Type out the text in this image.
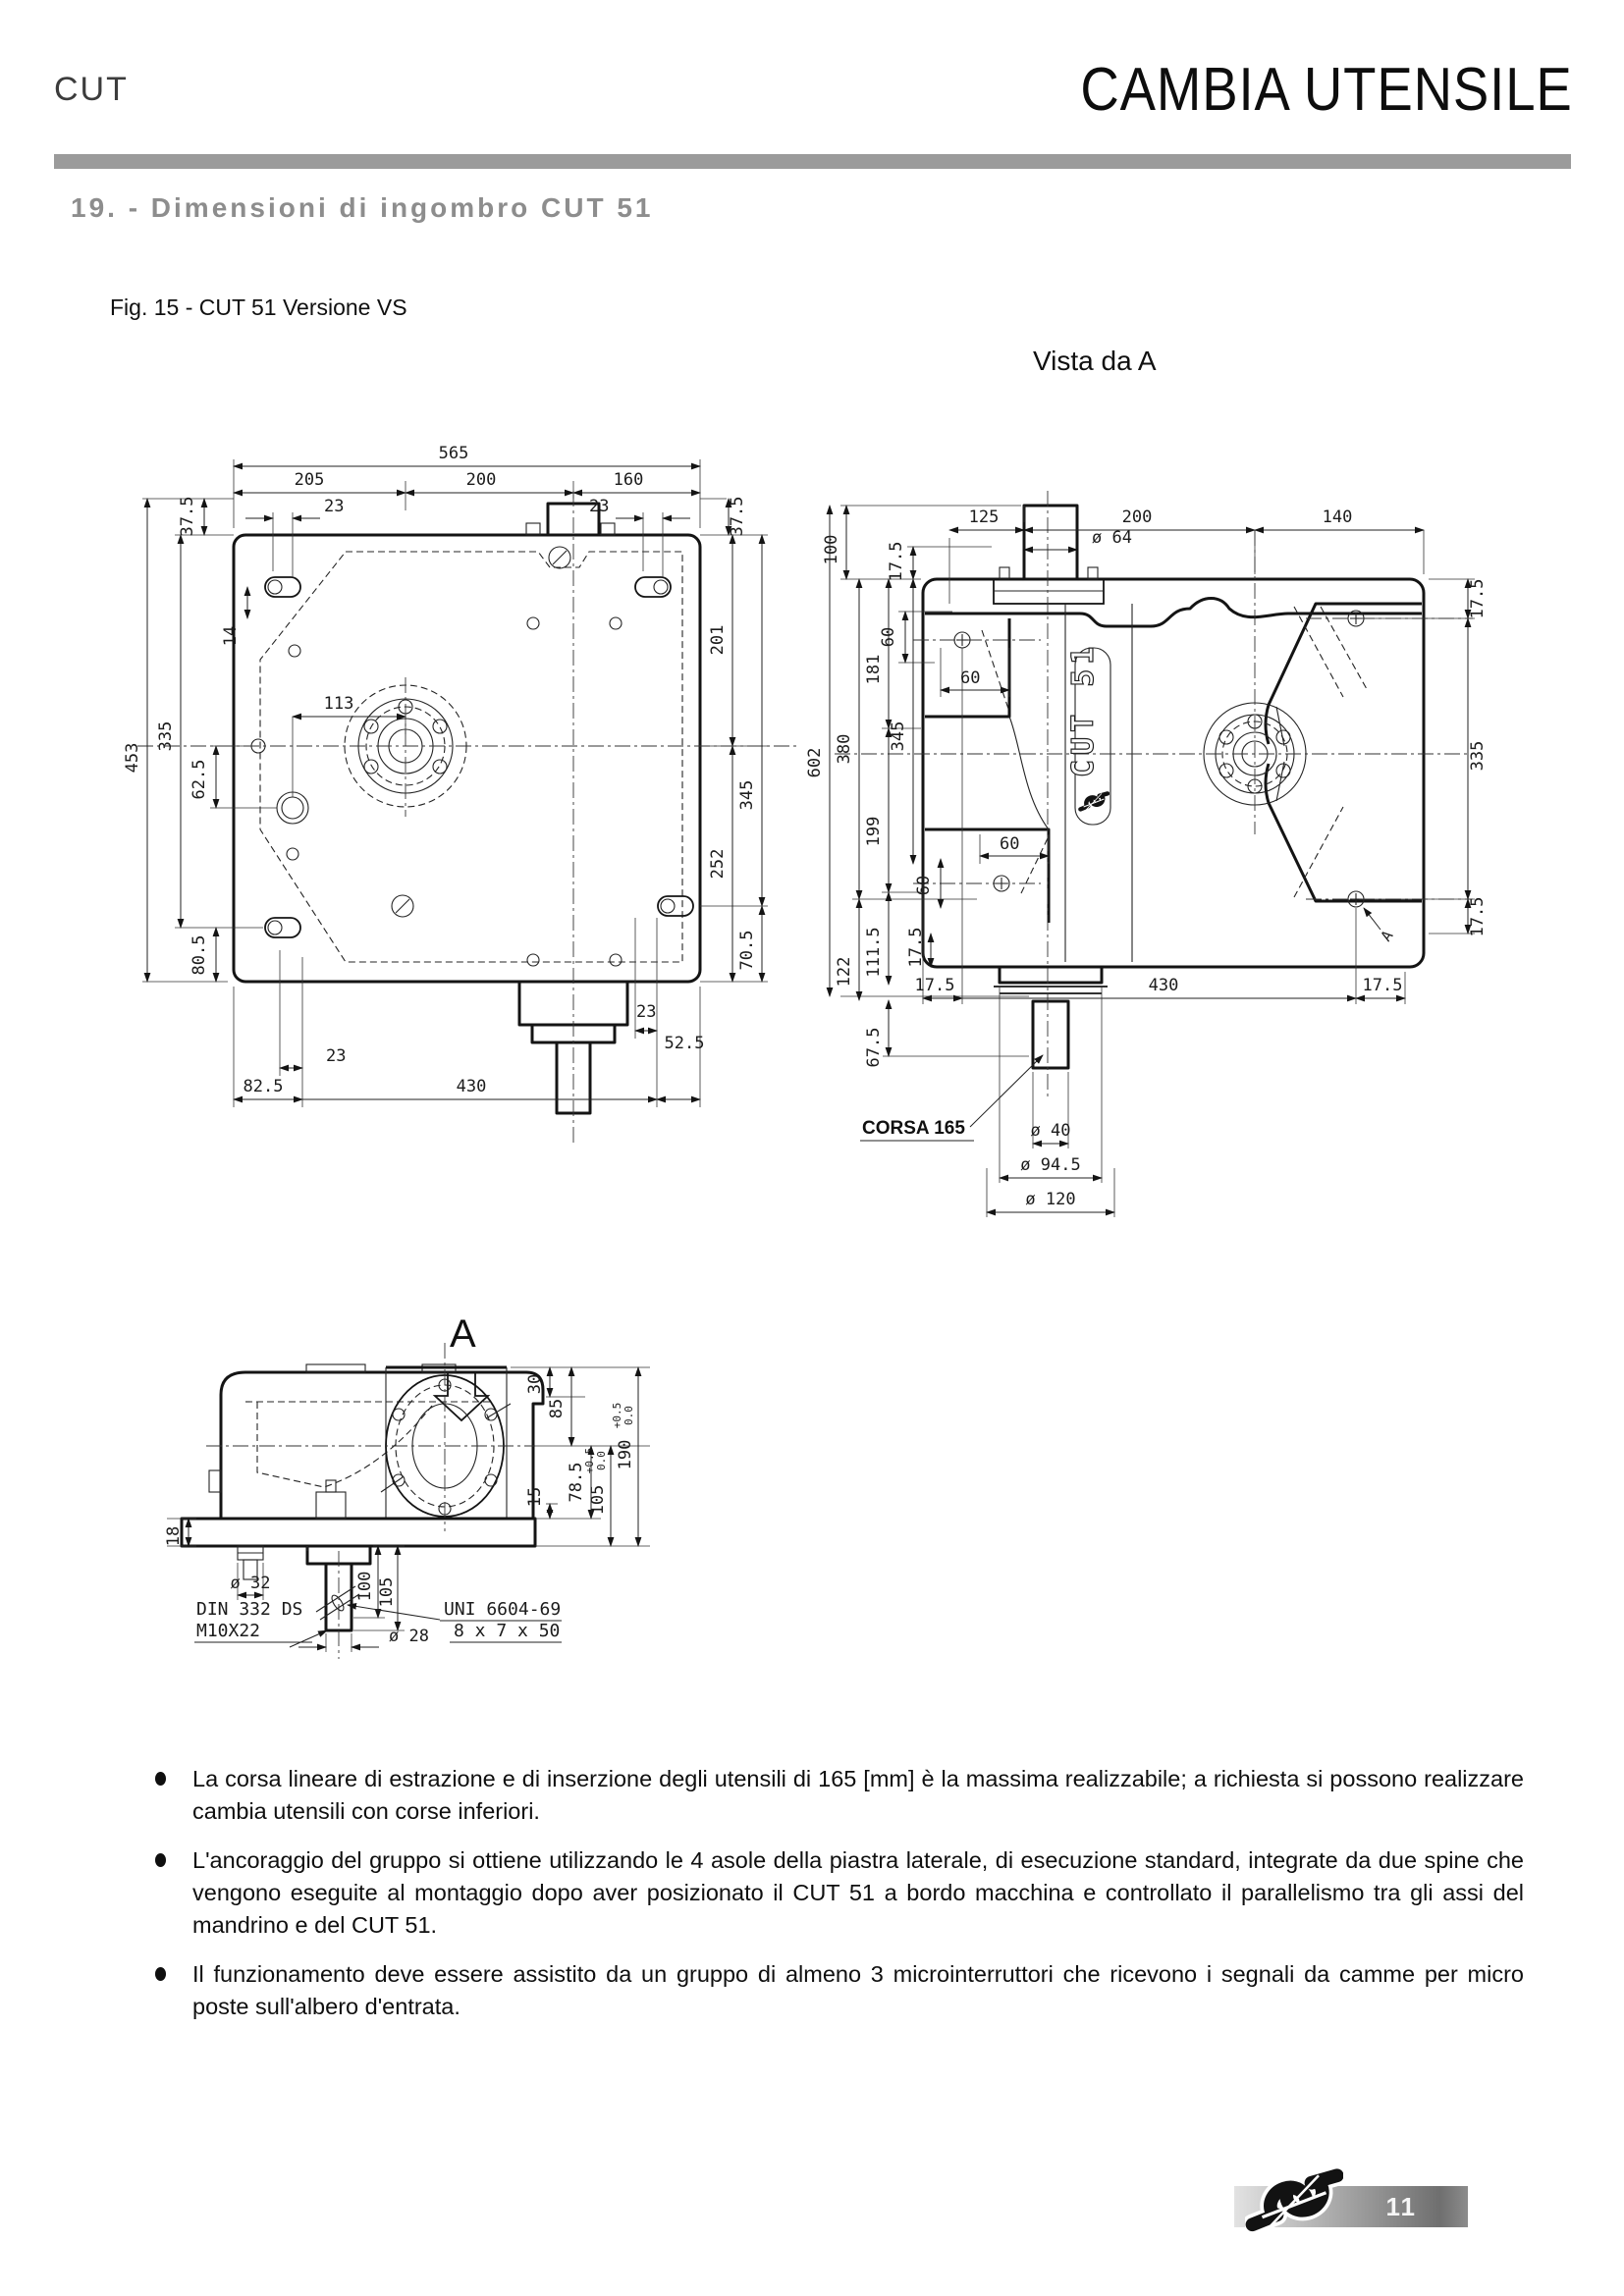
CUT	CAMBIA UTENSILE
19. - Dimensioni di ingombro CUT 51
Fig. 15 - CUT 51 Versione VS
Vista da A
565
205	200	160
37.5	37.5
23	23
14
113
453
335
62.5
80.5
201
345
252
70.5
23
82.5	430
23
52.5
CUT 51
125	200	140
ø 64
100	17.5
60
60
60
60
181
345
380
602
199
122 111.5 17.5
67.5
17.5	430	17.5
17.5
335
17.5
CORSA 165	ø 40
ø 94.5
ø 120
A
A
30
85
78.5
15	105
+0.5 0.0 190
+0.5 0.0
18
ø 32	100 105
ø 28
DIN 332 DS
M10X22
UNI 6604-69
8 x 7 x 50
La corsa lineare di estrazione e di inserzione degli utensili di 165 [mm] è la massima realizzabile; a richiesta si possono realizzare cambia utensili con corse inferiori.
L'ancoraggio del gruppo si ottiene utilizzando le 4 asole della piastra laterale, di esecuzione standard, integrate da due spine che vengono eseguite al montaggio dopo aver posizionato il CUT 51 a bordo macchina e controllato il parallelismo tra gli assi del mandrino e del CUT 51.
Il funzionamento deve essere assistito da un gruppo di almeno 3 microinterruttori che ricevono i segnali da camme per micro poste sull'albero d'entrata.
11
